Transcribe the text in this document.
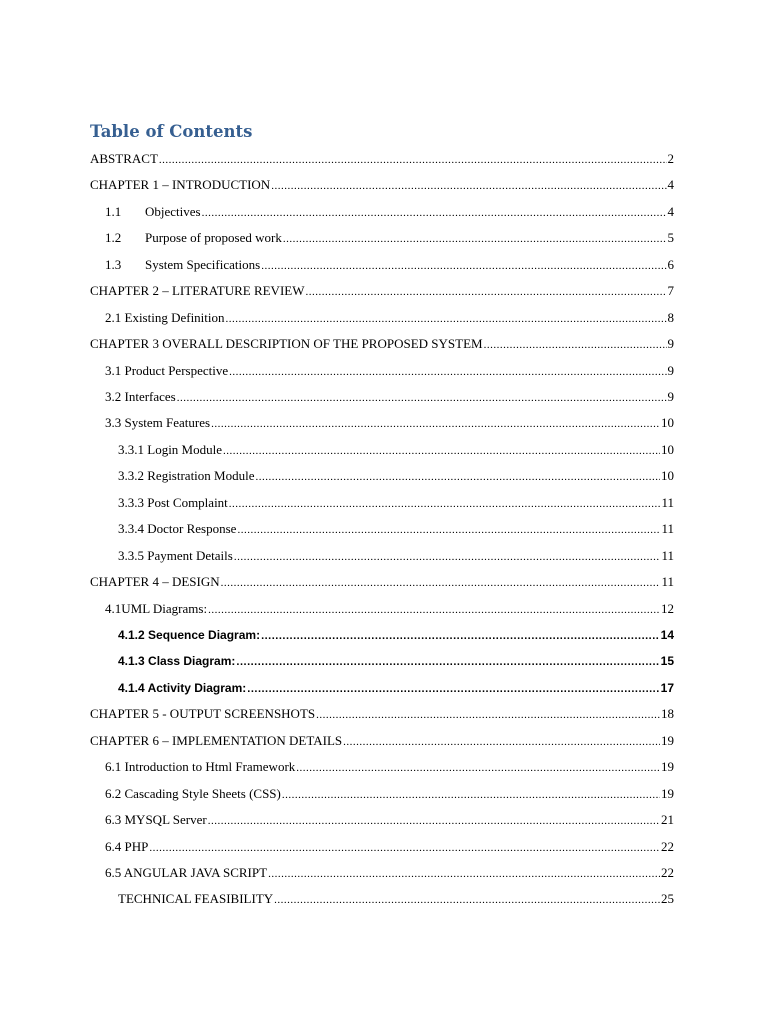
Table of Contents
ABSTRACT .....	2
CHAPTER 1 – INTRODUCTION .....	4
1.1	Objectives .....	4
1.2	Purpose of proposed work .....	5
1.3	System Specifications .....	6
CHAPTER 2 – LITERATURE REVIEW .....	7
2.1 Existing Definition .....	8
CHAPTER 3 OVERALL DESCRIPTION OF THE PROPOSED SYSTEM .....	9
3.1 Product Perspective .....	9
3.2 Interfaces .....	9
3.3 System Features .....	10
3.3.1 Login Module .....	10
3.3.2 Registration Module .....	10
3.3.3 Post Complaint .....	11
3.3.4 Doctor Response .....	11
3.3.5 Payment Details .....	11
CHAPTER 4 – DESIGN .....	11
4.1UML Diagrams: .....	12
4.1.2 Sequence Diagram: .....	14
4.1.3 Class Diagram: .....	15
4.1.4 Activity Diagram: .....	17
CHAPTER 5 - OUTPUT SCREENSHOTS .....	18
CHAPTER 6 – IMPLEMENTATION DETAILS .....	19
6.1 Introduction to Html Framework .....	19
6.2 Cascading Style Sheets (CSS) .....	19
6.3 MYSQL Server .....	21
6.4 PHP .....	22
6.5 ANGULAR JAVA SCRIPT .....	22
TECHNICAL FEASIBILITY .....	25
